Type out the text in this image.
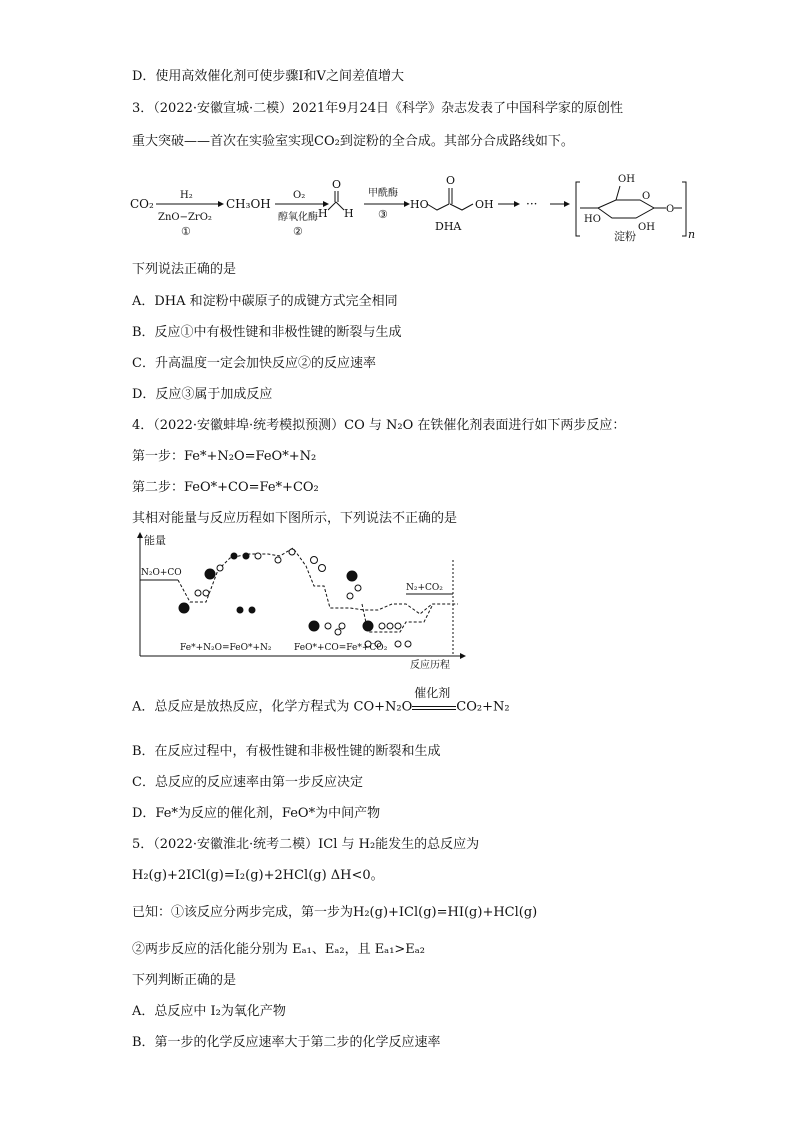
D．使用高效催化剂可使步骤Ⅰ和Ⅴ之间差值增大
3．（2022·安徽宣城·二模）2021年9月24日《科学》杂志发表了中国科学家的原创性
重大突破——首次在实验室实现CO₂到淀粉的全合成。其部分合成路线如下。
CO₂
H₂
ZnO−ZrO₂
①
CH₃OH
O₂
醇氧化酶
②
O
H H
甲酰酶
③
HO
O
OH
DHA
···
OH
HO
OH
O
O
淀粉	n
下列说法正确的是
A．DHA 和淀粉中碳原子的成键方式完全相同
B．反应①中有极性键和非极性键的断裂与生成
C．升高温度一定会加快反应②的反应速率
D．反应③属于加成反应
4．（2022·安徽蚌埠·统考模拟预测）CO 与 N₂O 在铁催化剂表面进行如下两步反应：
第一步：Fe*+N₂O=FeO*+N₂
第二步：FeO*+CO=Fe*+CO₂
其相对能量与反应历程如下图所示，下列说法不正确的是
能量
反应历程
N₂O+CO
N₂+CO₂
Fe*+N₂O=FeO*+N₂ FeO*+CO=Fe*+CO₂
A．总反应是放热反应，化学方程式为 CO+N₂O
催化剂
CO₂+N₂
B．在反应过程中，有极性键和非极性键的断裂和生成
C．总反应的反应速率由第一步反应决定
D．Fe*为反应的催化剂，FeO*为中间产物
5．（2022·安徽淮北·统考二模）ICl 与 H₂能发生的总反应为
H₂(g)+2ICl(g)=I₂(g)+2HCl(g) ΔH<0。
已知：①该反应分两步完成，第一步为H₂(g)+ICl(g)=HI(g)+HCl(g)
②两步反应的活化能分别为 Eₐ₁、Eₐ₂，且 Eₐ₁>Eₐ₂
下列判断正确的是
A．总反应中 I₂为氧化产物
B．第一步的化学反应速率大于第二步的化学反应速率
